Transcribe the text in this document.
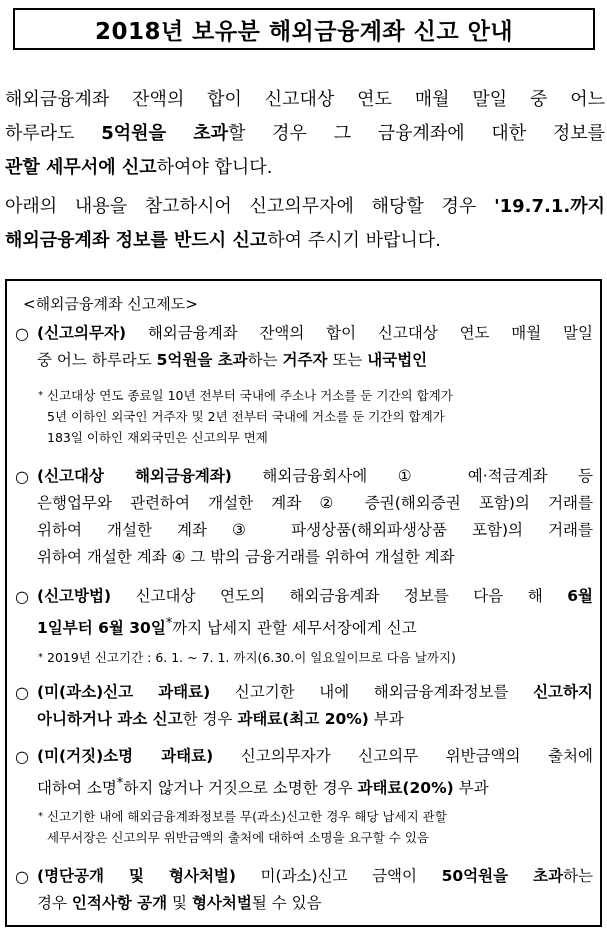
2018년 보유분 해외금융계좌 신고 안내
해외금융계좌 잔액의 합이 신고대상 연도 매월 말일 중 어느
하루라도 5억원을 초과할 경우 그 금융계좌에 대한 정보를
관할 세무서에 신고하여야 합니다.
아래의 내용을 참고하시어 신고의무자에 해당할 경우 '19.7.1.까지
해외금융계좌 정보를 반드시 신고하여 주시기 바랍니다.
<해외금융계좌 신고제도>
○ (신고의무자) 해외금융계좌 잔액의 합이 신고대상 연도 매월 말일
중 어느 하루라도 5억원을 초과하는 거주자 또는 내국법인
* 신고대상 연도 종료일 10년 전부터 국내에 주소나 거소를 둔 기간의 합계가
5년 이하인 외국인 거주자 및 2년 전부터 국내에 거소를 둔 기간의 합계가
183일 이하인 재외국민은 신고의무 면제
○ (신고대상 해외금융계좌) 해외금융회사에 ① 예·적금계좌 등
은행업무와 관련하여 개설한 계좌 ② 증권(해외증권 포함)의 거래를
위하여 개설한 계좌 ③ 파생상품(해외파생상품 포함)의 거래를
위하여 개설한 계좌 ④ 그 밖의 금융거래를 위하여 개설한 계좌
○ (신고방법) 신고대상 연도의 해외금융계좌 정보를 다음 해 6월
1일부터 6월 30일*까지 납세지 관할 세무서장에게 신고
* 2019년 신고기간 : 6. 1. ~ 7. 1. 까지(6.30.이 일요일이므로 다음 날까지)
○ (미(과소)신고 과태료) 신고기한 내에 해외금융계좌정보를 신고하지
아니하거나 과소 신고한 경우 과태료(최고 20%) 부과
○ (미(거짓)소명 과태료) 신고의무자가 신고의무 위반금액의 출처에
대하여 소명*하지 않거나 거짓으로 소명한 경우 과태료(20%) 부과
* 신고기한 내에 해외금융계좌정보를 무(과소)신고한 경우 해당 납세지 관할
세무서장은 신고의무 위반금액의 출처에 대하여 소명을 요구할 수 있음
○ (명단공개 및 형사처벌) 미(과소)신고 금액이 50억원을 초과하는
경우 인적사항 공개 및 형사처벌될 수 있음
